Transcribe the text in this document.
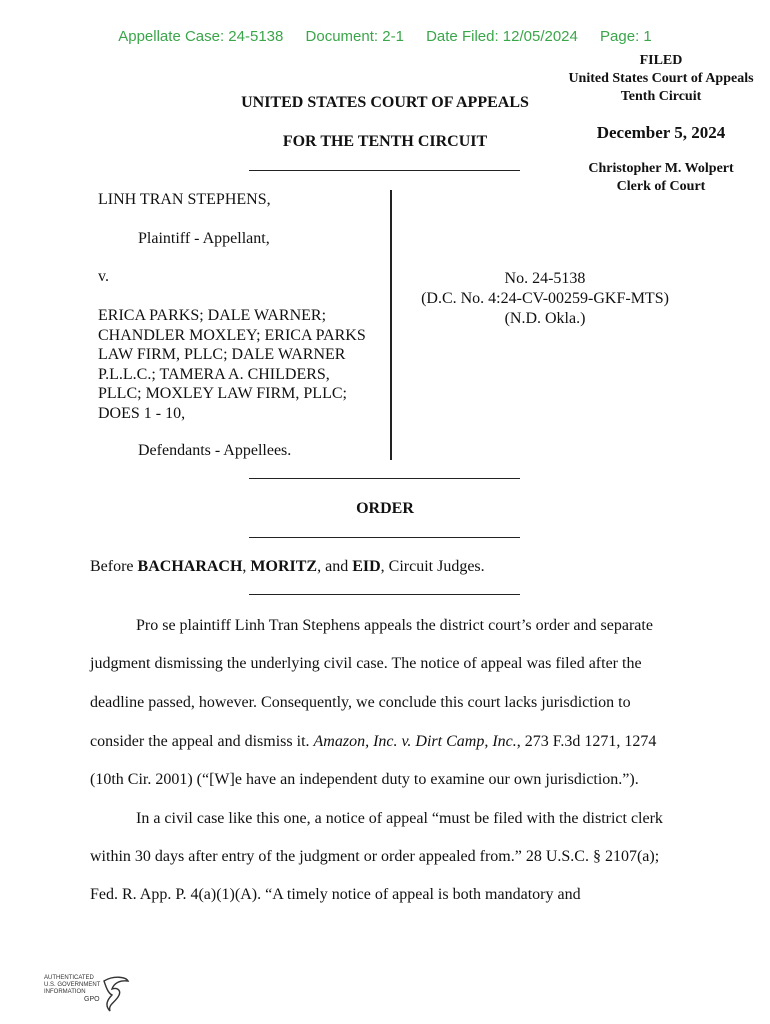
Appellate Case: 24-5138 Document: 2-1 Date Filed: 12/05/2024 Page: 1
FILED
United States Court of Appeals
Tenth Circuit
December 5, 2024
Christopher M. Wolpert
Clerk of Court
UNITED STATES COURT OF APPEALS
FOR THE TENTH CIRCUIT
LINH TRAN STEPHENS,
Plaintiff - Appellant,
v.
ERICA PARKS; DALE WARNER;
CHANDLER MOXLEY; ERICA PARKS
LAW FIRM, PLLC; DALE WARNER
P.L.L.C.; TAMERA A. CHILDERS,
PLLC; MOXLEY LAW FIRM, PLLC;
DOES 1 - 10,
Defendants - Appellees.
No. 24-5138
(D.C. No. 4:24-CV-00259-GKF-MTS)
(N.D. Okla.)
ORDER
Before BACHARACH, MORITZ, and EID, Circuit Judges.
Pro se plaintiff Linh Tran Stephens appeals the district court’s order and separate
judgment dismissing the underlying civil case. The notice of appeal was filed after the
deadline passed, however. Consequently, we conclude this court lacks jurisdiction to
consider the appeal and dismiss it. Amazon, Inc. v. Dirt Camp, Inc., 273 F.3d 1271, 1274
(10th Cir. 2001) (“[W]e have an independent duty to examine our own jurisdiction.”).
In a civil case like this one, a notice of appeal “must be filed with the district clerk
within 30 days after entry of the judgment or order appealed from.” 28 U.S.C. § 2107(a);
Fed. R. App. P. 4(a)(1)(A). “A timely notice of appeal is both mandatory and
AUTHENTICATED
U.S. GOVERNMENT
INFORMATION
GPO
